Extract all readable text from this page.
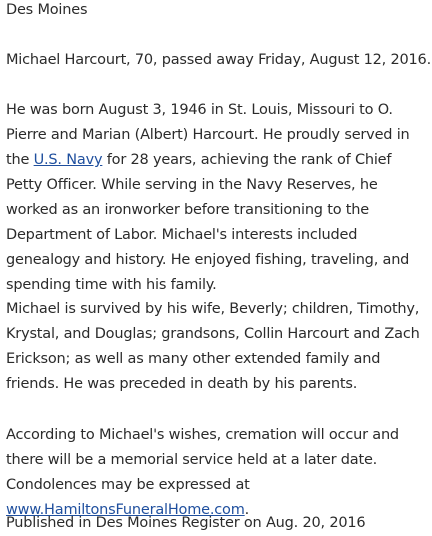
Des Moines

Michael Harcourt, 70, passed away Friday, August 12, 2016.

He was born August 3, 1946 in St. Louis, Missouri to O. Pierre and Marian (Albert) Harcourt. He proudly served in the U.S. Navy for 28 years, achieving the rank of Chief Petty Officer. While serving in the Navy Reserves, he worked as an ironworker before transitioning to the Department of Labor. Michael's interests included genealogy and history. He enjoyed fishing, traveling, and spending time with his family.

Michael is survived by his wife, Beverly; children, Timothy, Krystal, and Douglas; grandsons, Collin Harcourt and Zach Erickson; as well as many other extended family and friends. He was preceded in death by his parents.

According to Michael's wishes, cremation will occur and there will be a memorial service held at a later date. Condolences may be expressed at www.HamiltonsFuneralHome.com.

Published in Des Moines Register on Aug. 20, 2016
